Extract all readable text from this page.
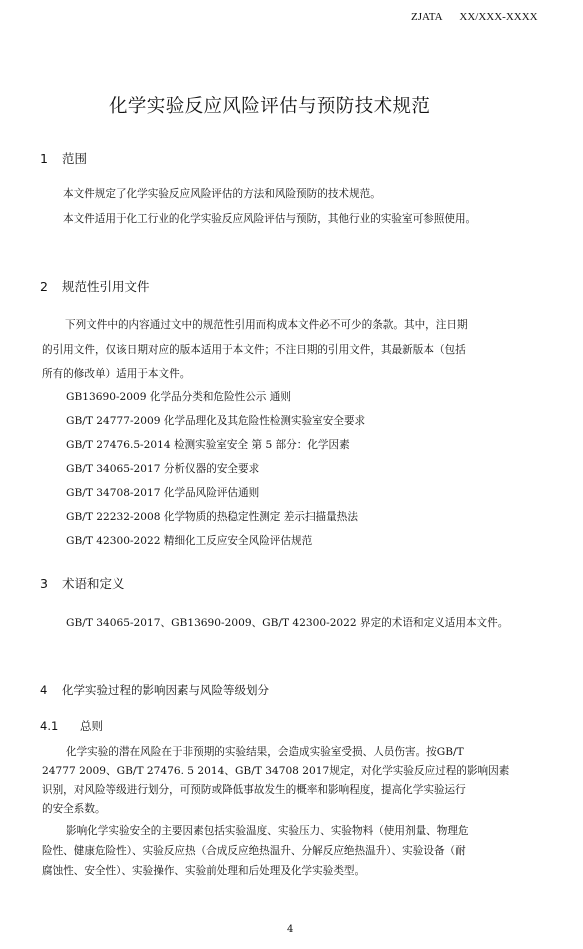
ZJATA XX/XXX-XXXX
化学实验反应风险评估与预防技术规范
1 范围
本文件规定了化学实验反应风险评估的方法和风险预防的技术规范。
本文件适用于化工行业的化学实验反应风险评估与预防，其他行业的实验室可参照使用。
2 规范性引用文件
下列文件中的内容通过文中的规范性引用而构成本文件必不可少的条款。其中，注日期
的引用文件，仅该日期对应的版本适用于本文件；不注日期的引用文件，其最新版本（包括
所有的修改单）适用于本文件。
GB13690-2009 化学品分类和危险性公示 通则
GB/T 24777-2009 化学品理化及其危险性检测实验室安全要求
GB/T 27476.5-2014 检测实验室安全 第 5 部分：化学因素
GB/T 34065-2017 分析仪器的安全要求
GB/T 34708-2017 化学品风险评估通则
GB/T 22232-2008 化学物质的热稳定性测定 差示扫描量热法
GB/T 42300-2022 精细化工反应安全风险评估规范
3 术语和定义
GB/T 34065-2017、GB13690-2009、GB/T 42300-2022 界定的术语和定义适用本文件。
4 化学实验过程的影响因素与风险等级划分
4.1 总则
化学实验的潜在风险在于非预期的实验结果，会造成实验室受损、人员伤害。按GB/T
24777 2009、GB/T 27476. 5 2014、GB/T 34708 2017规定，对化学实验反应过程的影响因素
识别，对风险等级进行划分，可预防或降低事故发生的概率和影响程度，提高化学实验运行
的安全系数。
影响化学实验安全的主要因素包括实验温度、实验压力、实验物料（使用剂量、物理危
险性、健康危险性）、实验反应热（合成反应绝热温升、分解反应绝热温升）、实验设备（耐
腐蚀性、安全性）、实验操作、实验前处理和后处理及化学实验类型。
4
